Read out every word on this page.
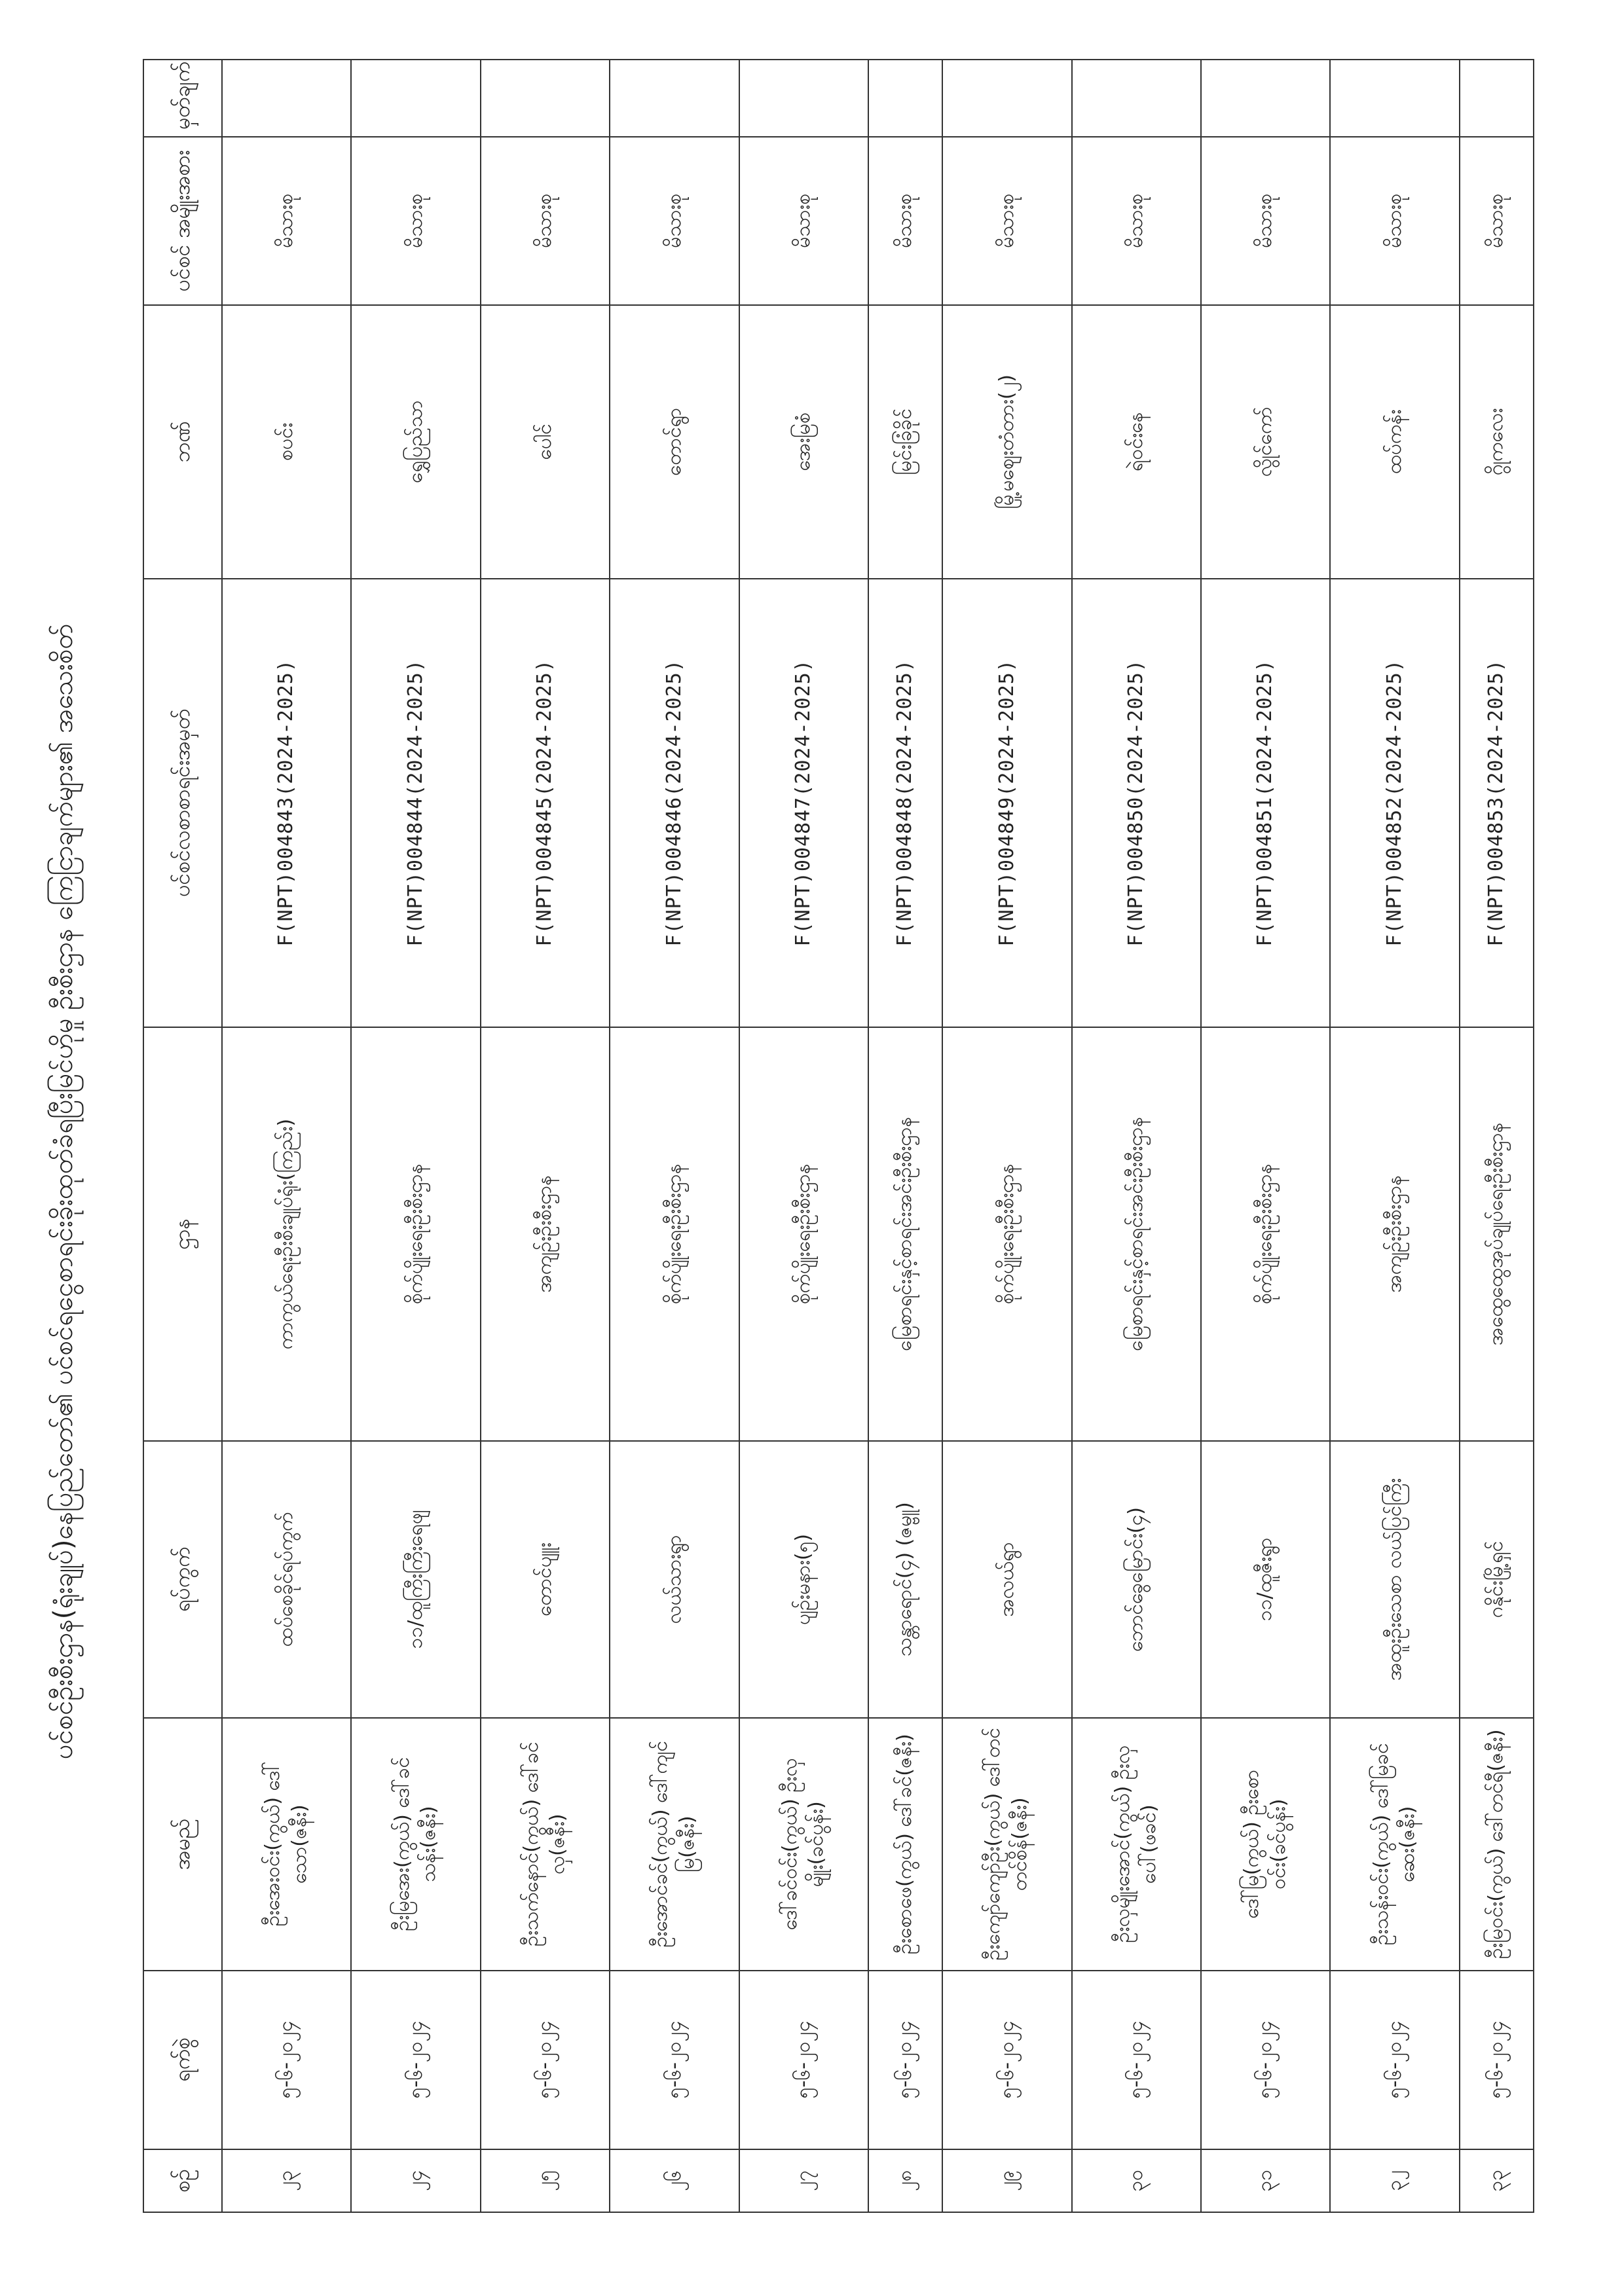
ပင်စင်ဦးစီးဌာန(ရုံးချုပ်)နေပြည်တော်၏ ပင်စင်ရငွေစာရင်းခိုးထုတ်ခံရပြီးမြင်ဟိုမှု ဦးစီးဌာန ကြေငြာချက်များ၏ အသေးစိတ်
စဉ်	ရက်စွဲ	အမည်	ရပ်ကွက်	ဌာန	ပင်စင်လစာစာရင်းအမှတ်	ဘဏ်	ပင်စင် အမျိုးအစား	မှတ်ချက်
၂၃	၅-၆-၂၀၂၄	ဦးအေးဝင်း(ကွယ်) ဒေါ်သော(ဇနီး)	ထပ်စေခိုင်ရပ်ကွက်	ကာကွယ်ရေးဦးစီးချုပ်ရုံး(ကြည်း)	F(NPT)004843(2024-2025)	စပင်း	မိသားစု	
၂၄	၅-၆-၂၀၂၄	ဦးမြအေး(ကွယ်) ဒေါ်ခင်သန်း(ဇနီး)	၁၁/ထူကြီးကြီးရေဖျ	စိုက်ပျိုးရေးဦးစီးဌာန	F(NPT)004844(2024-2025)	ရွှေပြည်သာ	မိသားစု	
၂၅	၅-၆-၂၀၂၄	ဦးသက်နောင်(ကွယ်) ဒေါ်ခင်လှ(ဇနီး)	တောင်ပျူး	အကျဉ်းဦးစီးဌာန	F(NPT)004845(2024-2025)	ပေါင်	မိသားစု	
၂၆	၅-၆-၂၀၂၄	ဦးအောင်ခင်(ကွယ်) ဒေါ်ကျင်မြ(ဇနီး)	လယ်သားရွာ	စိုက်ပျိုးရေးဦးစီးဌာန	F(NPT)004846(2024-2025)	တောင်ရွာ	မိသားစု	
၂၇	၅-၆-၂၀၂၄	ဒေါ်ခင်ဝင်း(ကွယ်) ဦးလှမျိုး(ခင်ပွန်း)	ပျဉ်းမနား(၅)	စိုက်ပျိုးရေးဦးစီးဌာန	F(NPT)004847(2024-2025)	အေးမြစံ	မိသားစု	
၂၈	၅-၆-၂၀၂၄	ဦးစောဖေ(ကွယ်) ဒေါ်ခင်(ဇနီး)	သန္တာရောင်(၄) (ဇမ္ဗူ)	မြေစာရင်းနှင့်စာရင်းအင်းဦးစီးဌာန	F(NPT)004848(2024-2025)	မြင်းခြံခိုင်	မိသားစု	
၂၉	၅-၆-၂၀၂၄	ဦးကျော်ကျော်ဦး(ကွယ်) ဒေါ်တင်တင်စိန်(ဇနီး)	အလယ်ရွာ	စိုက်ပျိုးရေးဦးစီးဌာန	F(NPT)004849(2024-2025)	မြို့မဈေးတံတား(၂)	မိသားစု	
၃၀	၅-၆-၂၀၂၄	ဦးလှမျိုးအောင်(ကွယ်) ဦးလှပေါ်(ဖခင်)	ဘောင်ခွေမြောင်း(၄)	မြေစာရင်းနှင့်စာရင်းအင်းဦးစီးဌာန	F(NPT)004850(2024-2025)	ရဲဝင်းနေ	မိသားစု	
၃၁	၅-၆-၂၀၂၄	ဒေါ်မြ(ကွယ်) ဦးစောဝင်း(ခင်ပွန်း)	၁၁/ထူဇီးရွာ	စိုက်ပျိုးရေးဦးစီးဌာန	F(NPT)004851(2024-2025)	လွိုင်ကော်	မိသားစု	
၃၂	၅-၆-၂၀၂၄	ဦးသန်းဝင်း(ကွယ်) ဒေါ်မြခင်ဆေး(ဇနီး)	အထူးဦးသေစာ လယ်ပြင်ကြီး	အကျဉ်းဦးစီးဌာန	F(NPT)004852(2024-2025)	ထပ်ကန်း	မိသားစု	
၃၃	၅-၆-၂၀၂၄	ဦးမြဝင်း(ကွယ်) ဒေါ်တင်ရီ(ဇနီး)	ဂနိုင်းမြို့ရှင်	အထွေထွေအုပ်ချုပ်ရေးဦးစီးဌာန	F(NPT)004853(2024-2025)	ဂွိုကလေး	မိသားစု	
